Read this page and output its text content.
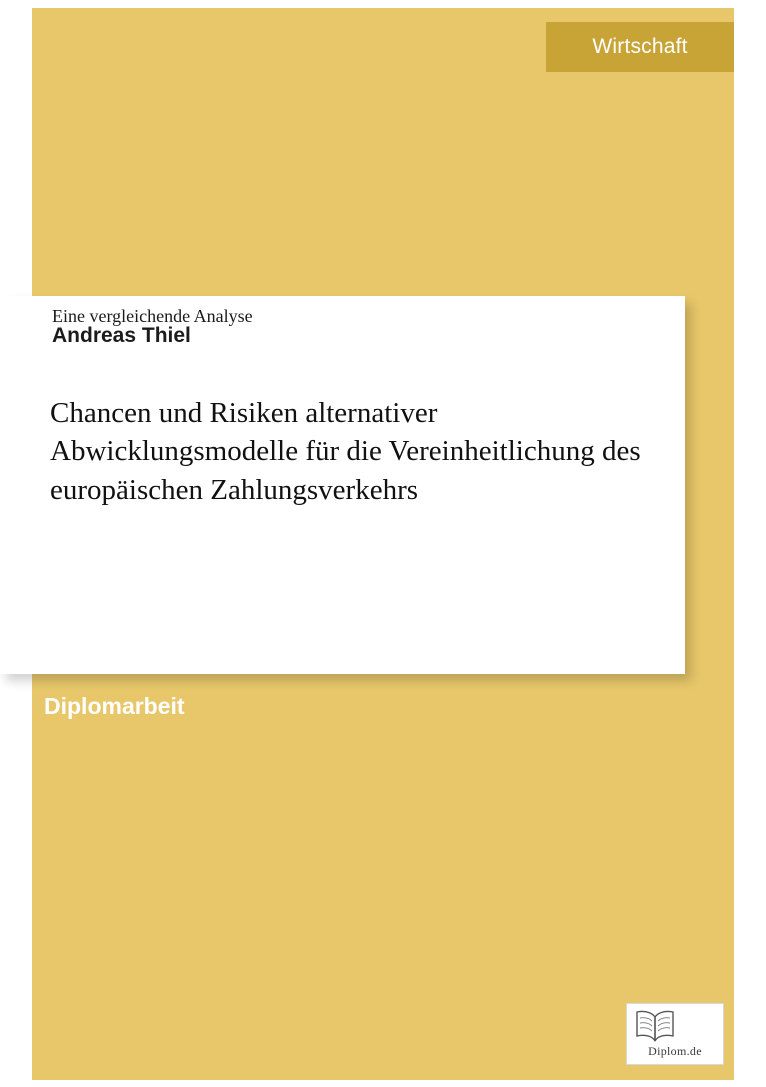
Wirtschaft
Andreas Thiel
Chancen und Risiken alternativer Abwicklungsmodelle für die Vereinheitlichung des europäischen Zahlungsverkehrs
Eine vergleichende Analyse
Diplomarbeit
Diplom.de
